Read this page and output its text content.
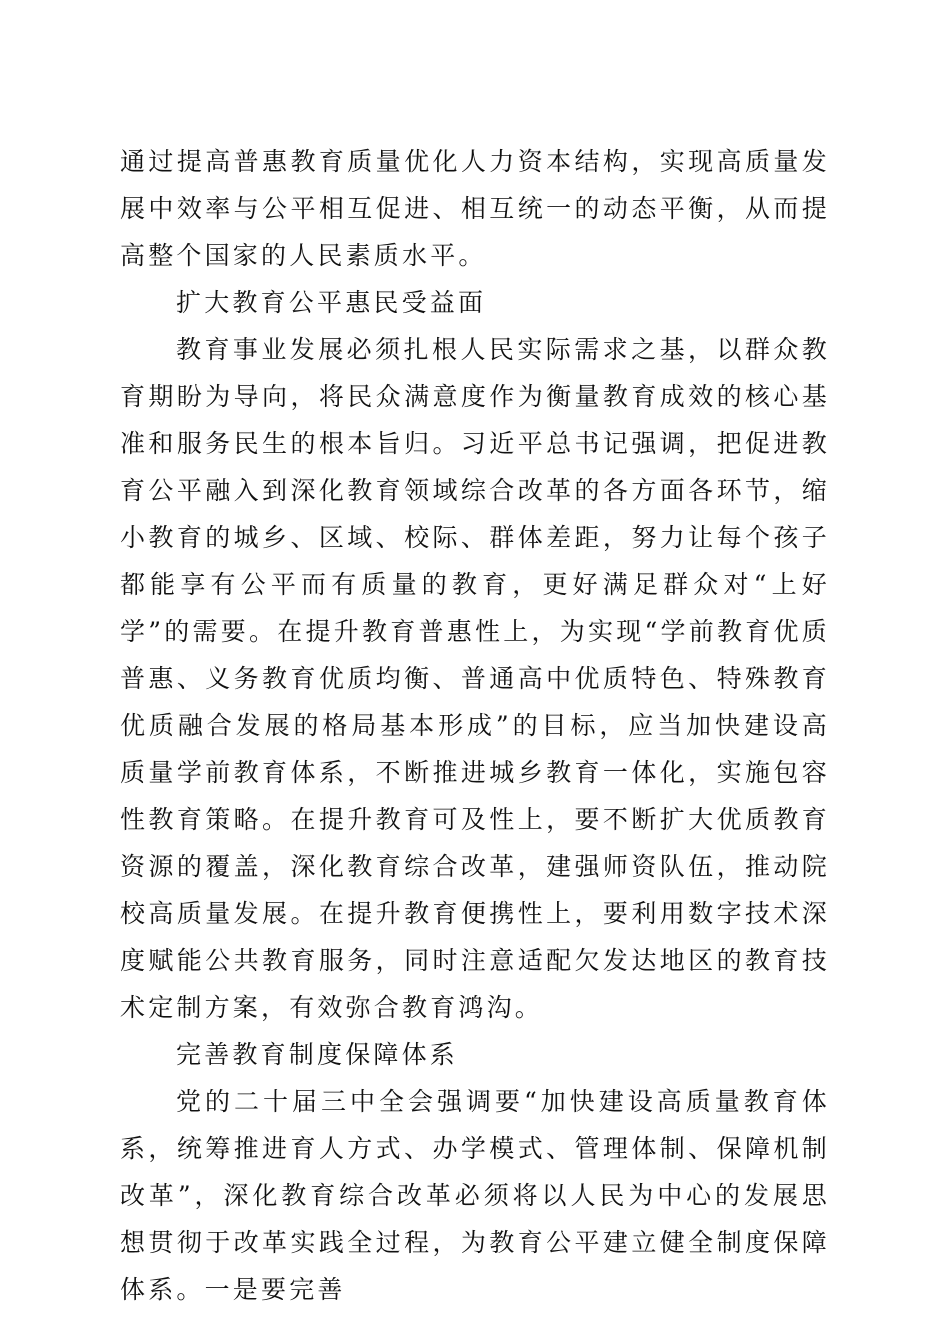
通过提高普惠教育质量优化人力资本结构，实现高质量发展中效率与公平相互促进、相互统一的动态平衡，从而提高整个国家的人民素质水平。

扩大教育公平惠民受益面

教育事业发展必须扎根人民实际需求之基，以群众教育期盼为导向，将民众满意度作为衡量教育成效的核心基准和服务民生的根本旨归。习近平总书记强调，把促进教育公平融入到深化教育领域综合改革的各方面各环节，缩小教育的城乡、区域、校际、群体差距，努力让每个孩子都能享有公平而有质量的教育，更好满足群众对“上好学”的需要。在提升教育普惠性上，为实现“学前教育优质普惠、义务教育优质均衡、普通高中优质特色、特殊教育优质融合发展的格局基本形成”的目标，应当加快建设高质量学前教育体系，不断推进城乡教育一体化，实施包容性教育策略。在提升教育可及性上，要不断扩大优质教育资源的覆盖，深化教育综合改革，建强师资队伍，推动院校高质量发展。在提升教育便携性上，要利用数字技术深度赋能公共教育服务，同时注意适配欠发达地区的教育技术定制方案，有效弥合教育鸿沟。

完善教育制度保障体系

党的二十届三中全会强调要“加快建设高质量教育体系，统筹推进育人方式、办学模式、管理体制、保障机制改革”，深化教育综合改革必须将以人民为中心的发展思想贯彻于改革实践全过程，为教育公平建立健全制度保障体系。一是要完善
